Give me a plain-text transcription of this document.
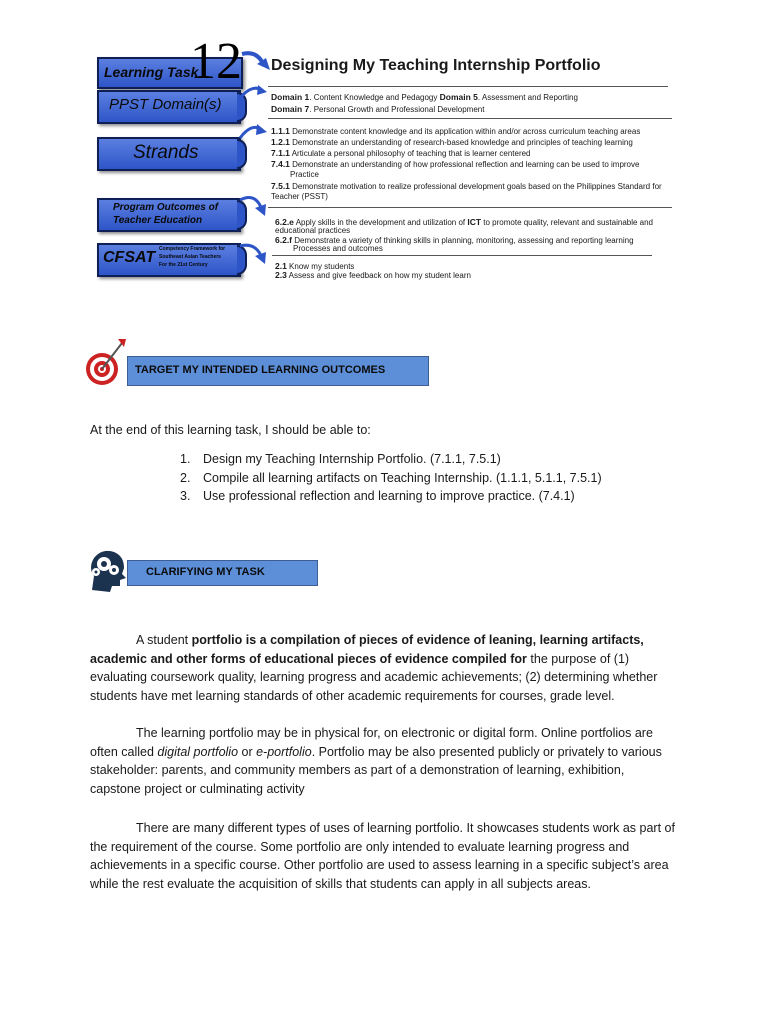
Learning Task
12
PPST Domain(s)
Strands
Program Outcomes of Teacher Education
CFSAT Competency Framework for
Southeast Asian Teachers
For the 21st Century
Designing My Teaching Internship Portfolio
Domain 1. Content Knowledge and Pedagogy Domain 5. Assessment and Reporting
Domain 7. Personal Growth and Professional Development
1.1.1 Demonstrate content knowledge and its application within and/or across curriculum teaching areas
1.2.1 Demonstrate an understanding of research-based knowledge and principles of teaching learning
7.1.1 Articulate a personal philosophy of teaching that is learner centered
7.4.1 Demonstrate an understanding of how professional reflection and learning can be used to improve
Practice
7.5.1 Demonstrate motivation to realize professional development goals based on the Philippines Standard for
Teacher (PSST)
6.2.e Apply skills in the development and utilization of ICT to promote quality, relevant and sustainable and
educational practices
6.2.f Demonstrate a variety of thinking skills in planning, monitoring, assessing and reporting learning
Processes and outcomes
2.1 Know my students
2.3 Assess and give feedback on how my student learn
TARGET MY INTENDED LEARNING OUTCOMES
At the end of this learning task, I should be able to:
1. Design my Teaching Internship Portfolio. (7.1.1, 7.5.1)
2. Compile all learning artifacts on Teaching Internship. (1.1.1, 5.1.1, 7.5.1)
3. Use professional reflection and learning to improve practice. (7.4.1)
CLARIFYING MY TASK
A student portfolio is a compilation of pieces of evidence of leaning, learning artifacts, academic and other forms of educational pieces of evidence compiled for the purpose of (1) evaluating coursework quality, learning progress and academic achievements; (2) determining whether students have met learning standards of other academic requirements for courses, grade level.
The learning portfolio may be in physical for, on electronic or digital form. Online portfolios are often called digital portfolio or e-portfolio. Portfolio may be also presented publicly or privately to various stakeholder: parents, and community members as part of a demonstration of learning, exhibition, capstone project or culminating activity
There are many different types of uses of learning portfolio. It showcases students work as part of the requirement of the course. Some portfolio are only intended to evaluate learning progress and achievements in a specific course. Other portfolio are used to assess learning in a specific subject’s area while the rest evaluate the acquisition of skills that students can apply in all subjects areas.
